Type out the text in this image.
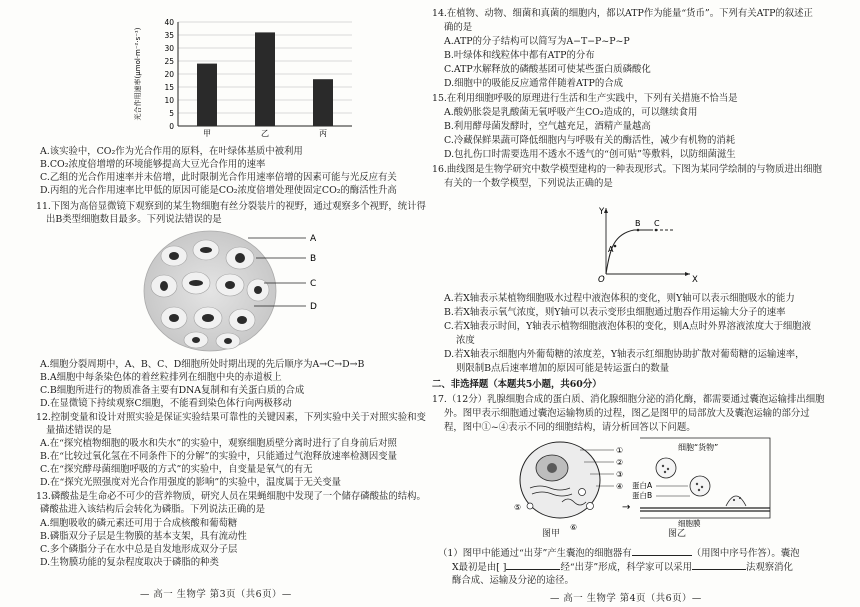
0
5
10
15
20
25
30
35
40
光合作用速率(μmol·m⁻²·s⁻¹)
甲	乙	丙
A.该实验中，CO₂作为光合作用的原料，在叶绿体基质中被利用
B.CO₂浓度倍增增的环境能够提高大豆光合作用的速率
C.乙组的光合作用速率并未倍增，此时限制光合作用速率倍增的因素可能与光反应有关
D.丙组的光合作用速率比甲低的原因可能是CO₂浓度倍增处理使固定CO₂的酶活性升高
11.下图为高倍显微镜下观察到的某生物细胞有丝分裂装片的视野，通过观察多个视野，统计得
出B类型细胞数目最多。下列说法错误的是
A
B
C
D
A.细胞分裂周期中，A、B、C、D细胞所处时期出现的先后顺序为A→C→D→B
B.A细胞中每条染色体的着丝粒排列在细胞中央的赤道板上
C.B细胞所进行的物质准备主要有DNA复制和有关蛋白质的合成
D.在显微镜下持续观察C细胞，不能看到染色体行向两极移动
12.控制变量和设计对照实验是保证实验结果可靠性的关键因素，下列实验中关于对照实验和变
量描述错误的是
A.在“探究植物细胞的吸水和失水”的实验中，观察细胞质壁分离时进行了自身前后对照
B.在“比较过氧化氢在不同条件下的分解”的实验中，只能通过气泡释放速率检测因变量
C.在“探究酵母菌细胞呼吸的方式”的实验中，自变量是氧气的有无
D.在“探究光照强度对光合作用强度的影响”的实验中，温度属于无关变量
13.磷酸盐是生命必不可少的营养物质，研究人员在果蝇细胞中发现了一个储存磷酸盐的结构。
磷酸盐进入该结构后会转化为磷脂。下列说法正确的是
A.细胞吸收的磷元素还可用于合成核酸和葡萄糖
B.磷脂双分子层是生物膜的基本支架，具有流动性
C.多个磷脂分子在水中总是自发地形成双分子层
D.生物膜功能的复杂程度取决于磷脂的种类
— 高一 生物学 第3页（共6页）—
14.在植物、动物、细菌和真菌的细胞内，都以ATP作为能量“货币”。下列有关ATP的叙述正
确的是
A.ATP的分子结构可以简写为A−T−P~P~P
B.叶绿体和线粒体中都有ATP的分布
C.ATP水解释放的磷酸基团可使某些蛋白质磷酸化
D.细胞中的吸能反应通常伴随着ATP的合成
15.在利用细胞呼吸的原理进行生活和生产实践中，下列有关措施不恰当是
A.酸奶胀袋是乳酸菌无氧呼吸产生CO₂造成的，可以继续食用
B.利用酵母菌发酵时，空气越充足，酒精产量越高
C.冷藏保鲜果蔬可降低细胞内与呼吸有关的酶活性，减少有机物的消耗
D.包扎伤口时需要选用不透水不透气的“创可贴”等敷料，以防细菌滋生
16.曲线图是生物学研究中数学模型建构的一种表现形式。下图为某同学绘制的与物质进出细胞
有关的一个数学模型，下列说法正确的是
Y
X
O
A
B C
A.若X轴表示某植物细胞吸水过程中液泡体积的变化，则Y轴可以表示细胞吸水的能力
B.若X轴表示氧气浓度，则Y轴可以表示变形虫细胞通过胞吞作用运输大分子的速率
C.若X轴表示时间，Y轴表示植物细胞液泡体积的变化，则A点时外界溶液浓度大于细胞液
浓度
D.若X轴表示细胞内外葡萄糖的浓度差，Y轴表示红细胞协助扩散对葡萄糖的运输速率，
则限制B点后速率增加的原因可能是转运蛋白的数量
二、非选择题（本题共5小题，共60分）
17.（12分）乳腺细胞合成的蛋白质、消化腺细胞分泌的消化酶，都需要通过囊泡运输排出细胞
外。图甲表示细胞通过囊泡运输物质的过程，图乙是图甲的局部放大及囊泡运输的部分过
程，图中①~④表示不同的细胞结构，请分析回答以下问题。
①
②
③
④
⑤
⑥
→
图甲
细胞“货物”
蛋白A
蛋白B
细胞膜
图乙
（1）图甲中能通过“出芽”产生囊泡的细胞器有	（用图中序号作答）。囊泡
X最初是由[ ]	经“出芽”形成，科学家可以采用	法观察消化
酶合成、运输及分泌的途径。
— 高一 生物学 第4页（共6页）—
